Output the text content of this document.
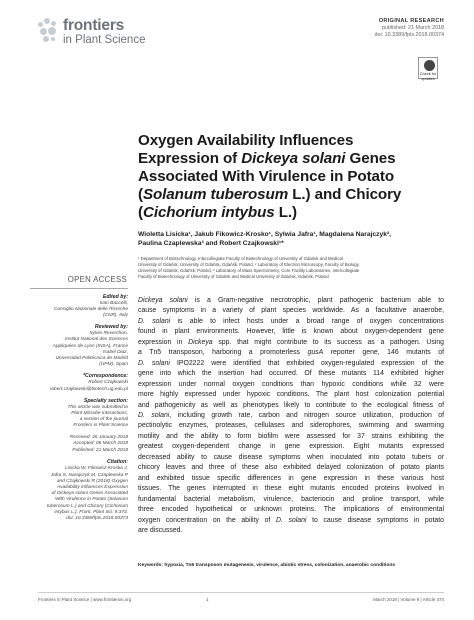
frontiers
in Plant Science
ORIGINAL RESEARCH
published: 21 March 2018
doi: 10.3389/fpls.2018.00374
Check for updates
Oxygen Availability Influences
Expression of Dickeya solani Genes
Associated With Virulence in Potato
(Solanum tuberosum L.) and Chicory
(Cichorium intybus L.)
Wioletta Lisicka¹, Jakub Fikowicz-Krosko¹, Sylwia Jafra¹, Magdalena Narajczyk²,
Paulina Czaplewska³ and Robert Czajkowski¹*
¹ Department of Biotechnology, Intercollegiate Faculty of Biotechnology of University of Gdańsk and Medical
University of Gdańsk, University of Gdańsk, Gdańsk, Poland, ² Laboratory of Electron Microscopy, Faculty of Biology,
University of Gdańsk, Gdańsk, Poland, ³ Laboratory of Mass Spectrometry, Core Facility Laboratories, Intercollegiate
Faculty of Biotechnology of University of Gdańsk and Medical University of Gdańsk, Gdańsk, Poland
OPEN ACCESS
Edited by:
Ivan Baccelli,
Consiglio Nazionale delle Ricerche
(CNR), Italy
Reviewed by:
Sylvie Reverchon,
Institut National des Sciences
Appliquées de Lyon (INSA), France
Isabel Diaz,
Universidad Politécnica de Madrid
(UPM), Spain
*Correspondence:
Robert Czajkowski
robert.czajkowski@biotech.ug.edu.pl
Specialty section:
This article was submitted to
Plant Microbe Interactions,
a section of the journal
Frontiers in Plant Science
Received: 26 January 2018
Accepted: 06 March 2018
Published: 21 March 2018
Citation:
Lisicka W, Fikowicz-Krosko J,
Jafra S, Narajczyk M, Czaplewska P
and Czajkowski R (2018) Oxygen
Availability Influences Expression
of Dickeya solani Genes Associated
With Virulence in Potato (Solanum
tuberosum L.) and Chicory (Cichorium
intybus L.). Front. Plant Sci. 9:374.
doi: 10.3389/fpls.2018.00374
Dickeya solani is a Gram-negative necrotrophic, plant pathogenic bacterium able to
cause symptoms in a variety of plant species worldwide. As a facultative anaerobe,
D. solani is able to infect hosts under a broad range of oxygen concentrations
found in plant environments. However, little is known about oxygen-dependent gene
expression in Dickeya spp. that might contribute to its success as a pathogen. Using
a Tn5 transposon, harboring a promoterless gusA reporter gene, 146 mutants of
D. solani IPO2222 were identified that exhibited oxygen-regulated expression of the
gene into which the insertion had occurred. Of these mutants 114 exhibited higher
expression under normal oxygen conditions than hypoxic conditions while 32 were
more highly expressed under hypoxic conditions. The plant host colonization potential
and pathogenicity as well as phenotypes likely to contribute to the ecological fitness of
D. solani, including growth rate, carbon and nitrogen source utilization, production of
pectinolytic enzymes, proteases, cellulases and siderophores, swimming and swarming
motility and the ability to form biofilm were assessed for 37 strains exhibiting the
greatest oxygen-dependent change in gene expression. Eight mutants expressed
decreased ability to cause disease symptoms when inoculated into potato tubers or
chicory leaves and three of these also exhibited delayed colonization of potato plants
and exhibited tissue specific differences in gene expression in these various host
tissues. The genes interrupted in these eight mutants encoded proteins involved in
fundamental bacterial metabolism, virulence, bacteriocin and proline transport, while
three encoded hypothetical or unknown proteins. The implications of environmental
oxygen concentration on the ability of D. solani to cause disease symptoms in potato
are discussed.
Keywords: hypoxia, Tn5 transposon mutagenesis, virulence, abiotic stress, colonization, anaerobic conditions
Frontiers in Plant Science | www.frontiersin.org	1	March 2018 | Volume 9 | Article 374
